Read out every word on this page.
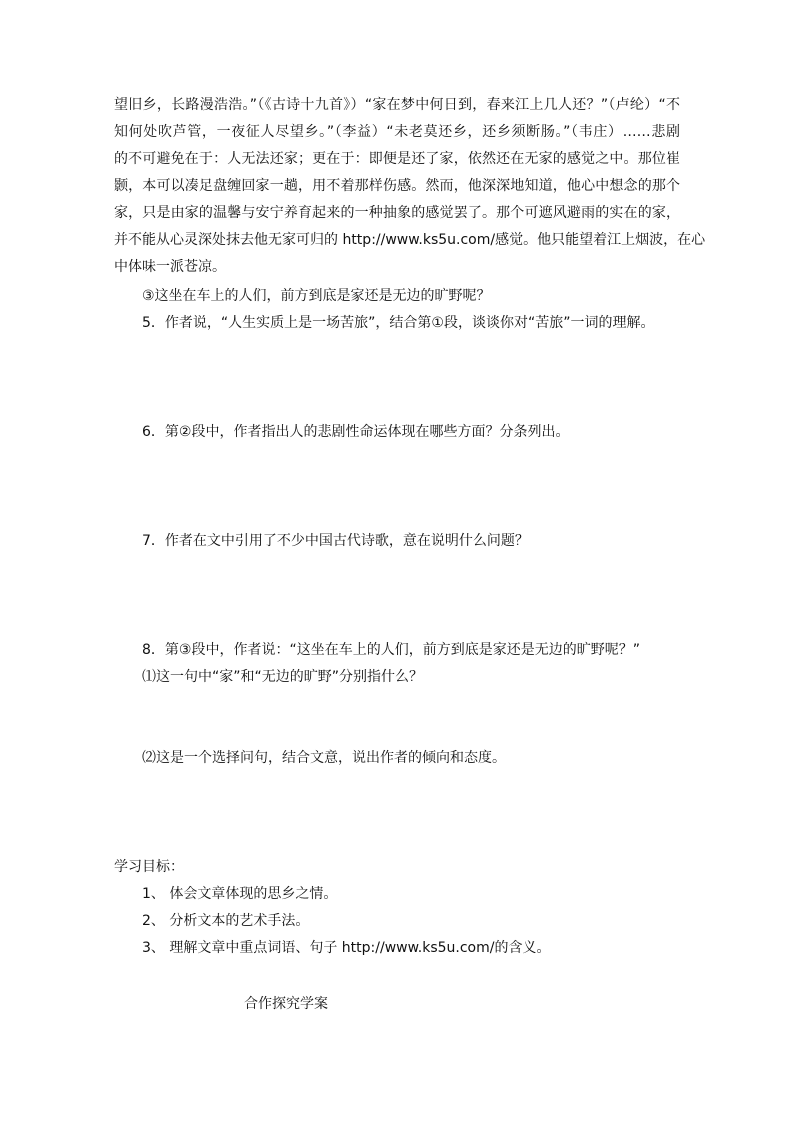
望旧乡，长路漫浩浩。”（《古诗十九首》）“家在梦中何日到，春来江上几人还？”（卢纶）“不

知何处吹芦管，一夜征人尽望乡。”（李益）“未老莫还乡，还乡须断肠。”（韦庄）……悲剧

的不可避免在于：人无法还家；更在于：即便是还了家，依然还在无家的感觉之中。那位崔

颢，本可以凑足盘缠回家一趟，用不着那样伤感。然而，他深深地知道，他心中想念的那个

家，只是由家的温馨与安宁养育起来的一种抽象的感觉罢了。那个可遮风避雨的实在的家，

并不能从心灵深处抹去他无家可归的 http://www.ks5u.com/感觉。他只能望着江上烟波，在心

中体味一派苍凉。

③这坐在车上的人们，前方到底是家还是无边的旷野呢？

5．作者说，“人生实质上是一场苦旅”，结合第①段，谈谈你对“苦旅”一词的理解。

6．第②段中，作者指出人的悲剧性命运体现在哪些方面？分条列出。

7．作者在文中引用了不少中国古代诗歌，意在说明什么问题？

8．第③段中，作者说：“这坐在车上的人们，前方到底是家还是无边的旷野呢？”

⑴这一句中“家”和“无边的旷野”分别指什么？

⑵这是一个选择问句，结合文意，说出作者的倾向和态度。

学习目标：

1、 体会文章体现的思乡之情。

2、 分析文本的艺术手法。

3、 理解文章中重点词语、句子 http://www.ks5u.com/的含义。

合作探究学案
